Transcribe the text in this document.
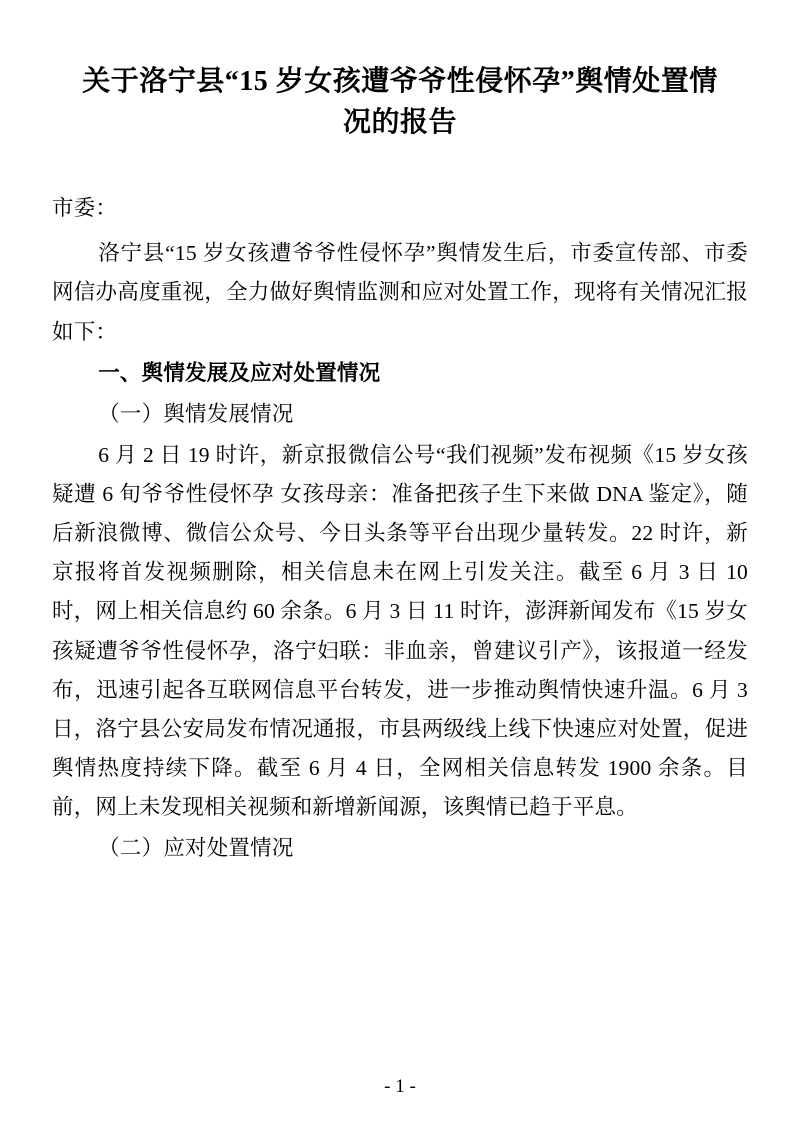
关于洛宁县“15 岁女孩遭爷爷性侵怀孕”舆情处置情况的报告

市委：

洛宁县“15 岁女孩遭爷爷性侵怀孕”舆情发生后，市委宣传部、市委网信办高度重视，全力做好舆情监测和应对处置工作，现将有关情况汇报如下：

一、舆情发展及应对处置情况

（一）舆情发展情况

6 月 2 日 19 时许，新京报微信公号“我们视频”发布视频《15 岁女孩疑遭 6 旬爷爷性侵怀孕 女孩母亲：准备把孩子生下来做 DNA 鉴定》，随后新浪微博、微信公众号、今日头条等平台出现少量转发。22 时许，新京报将首发视频删除，相关信息未在网上引发关注。截至 6 月 3 日 10 时，网上相关信息约 60 余条。6 月 3 日 11 时许，澎湃新闻发布《15 岁女孩疑遭爷爷性侵怀孕，洛宁妇联：非血亲，曾建议引产》，该报道一经发布，迅速引起各互联网信息平台转发，进一步推动舆情快速升温。6 月 3 日，洛宁县公安局发布情况通报，市县两级线上线下快速应对处置，促进舆情热度持续下降。截至 6 月 4 日，全网相关信息转发 1900 余条。目前，网上未发现相关视频和新增新闻源，该舆情已趋于平息。

（二）应对处置情况

- 1 -
